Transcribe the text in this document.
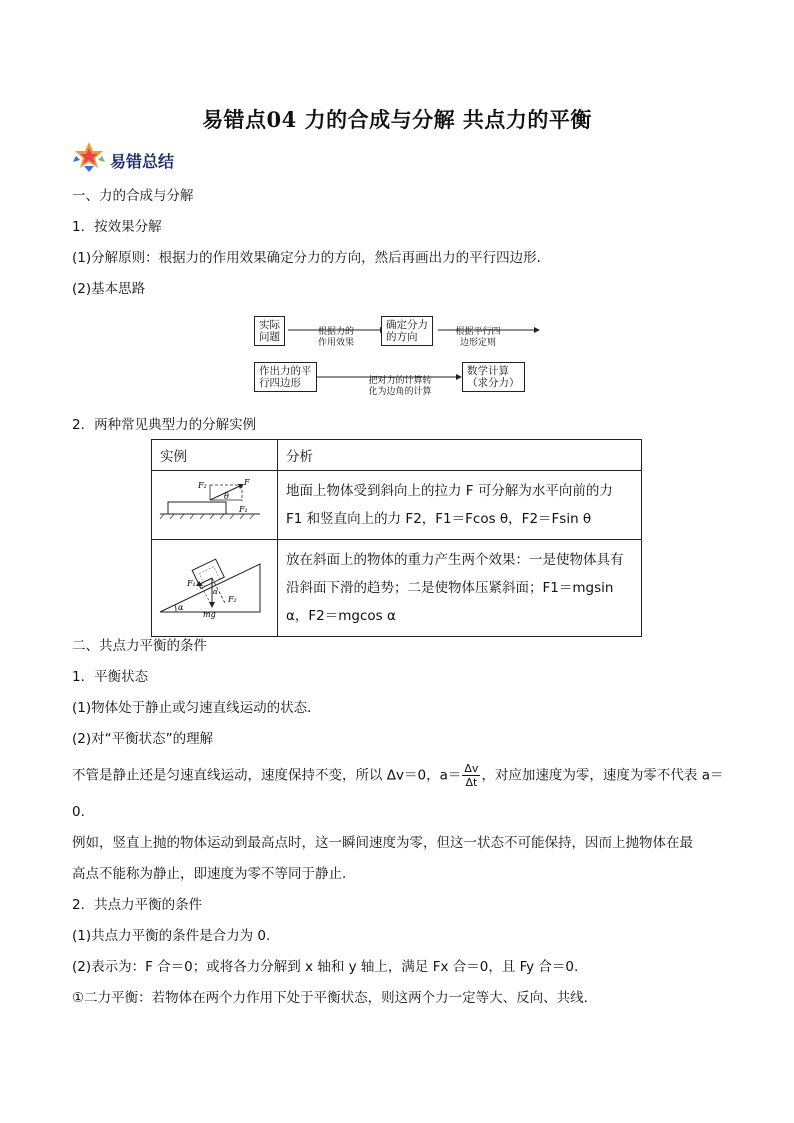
易错点04 力的合成与分解 共点力的平衡
易错总结
一、力的合成与分解
1．按效果分解
(1)分解原则：根据力的作用效果确定分力的方向，然后再画出力的平行四边形．
(2)基本思路
实际
问题	根据力的
作用效果
确定分力
的方向	根据平行四
边形定则
作出力的平
行四边形	把对力的计算转
化为边角的计算
数学计算
（求分力）
2．两种常见典型力的分解实例
实例	分析

F₂ F
θ
F₁	地面上物体受到斜向上的拉力 F 可分解为水平向前的力 F1 和竖直向上的力 F2，F1＝Fcos θ，F2＝Fsin θ

F₁
F₂
α
α
mg	放在斜面上的物体的重力产生两个效果：一是使物体具有沿斜面下滑的趋势；二是使物体压紧斜面；F1＝mgsin α，F2＝mgcos α
二、共点力平衡的条件
1．平衡状态
(1)物体处于静止或匀速直线运动的状态．
(2)对“平衡状态”的理解
不管是静止还是匀速直线运动，速度保持不变，所以 Δv＝0，$a= \frac{\Delta v}{\Delta t}$ ，对应加速度为零，速度为零不代表 a＝
0.
例如，竖直上抛的物体运动到最高点时，这一瞬间速度为零，但这一状态不可能保持，因而上抛物体在最
高点不能称为静止，即速度为零不等同于静止．
2．共点力平衡的条件
(1)共点力平衡的条件是合力为 0.
(2)表示为：F 合＝0；或将各力分解到 x 轴和 y 轴上，满足 Fx 合＝0，且 Fy 合＝0.
①二力平衡：若物体在两个力作用下处于平衡状态，则这两个力一定等大、反向、共线．
